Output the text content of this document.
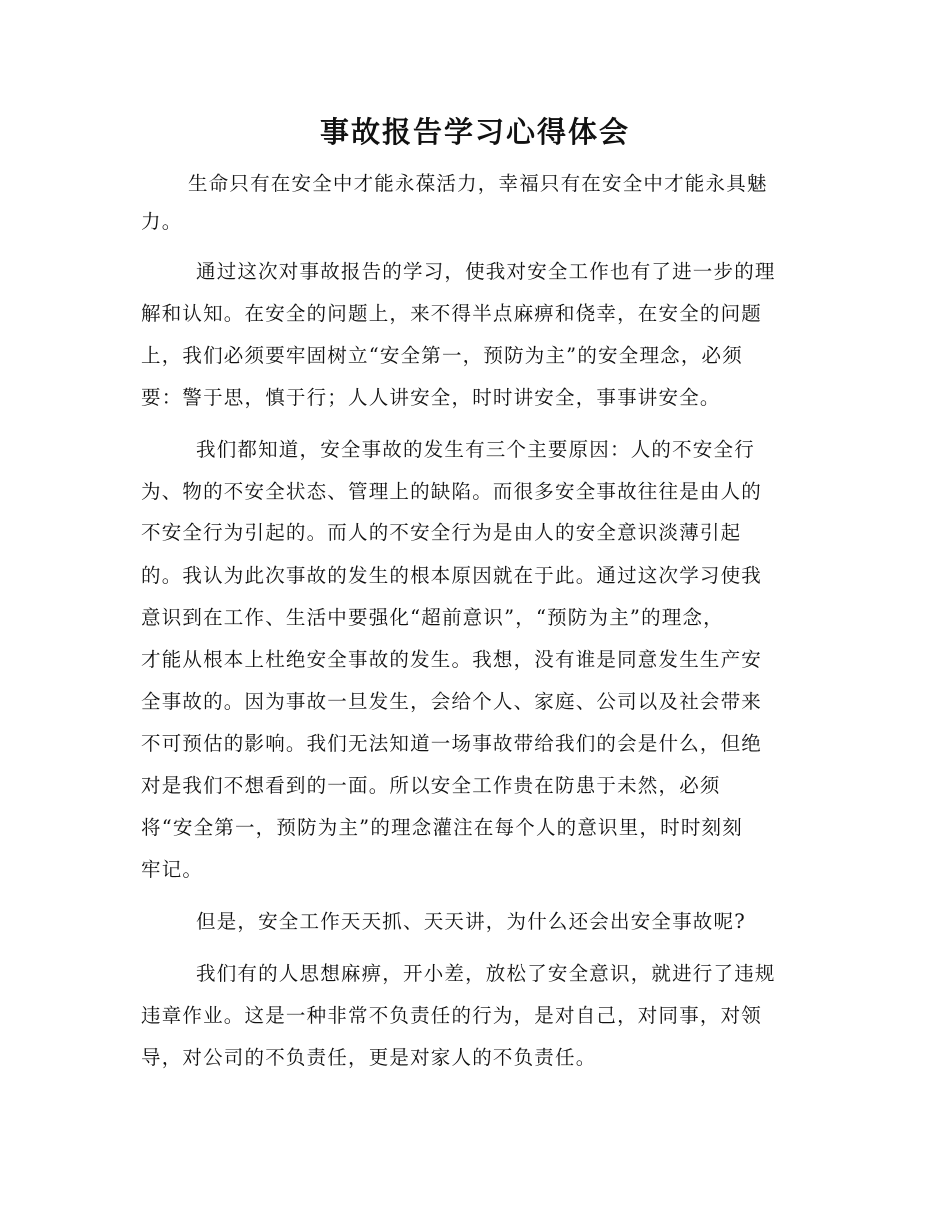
事故报告学习心得体会
生命只有在安全中才能永葆活力，幸福只有在安全中才能永具魅
力。
通过这次对事故报告的学习，使我对安全工作也有了进一步的理
解和认知。在安全的问题上，来不得半点麻痹和侥幸，在安全的问题
上，我们必须要牢固树立“安全第一，预防为主”的安全理念，必须
要：警于思，慎于行；人人讲安全，时时讲安全，事事讲安全。
我们都知道，安全事故的发生有三个主要原因：人的不安全行
为、物的不安全状态、管理上的缺陷。而很多安全事故往往是由人的
不安全行为引起的。而人的不安全行为是由人的安全意识淡薄引起
的。我认为此次事故的发生的根本原因就在于此。通过这次学习使我
意识到在工作、生活中要强化“超前意识”，“预防为主”的理念，
才能从根本上杜绝安全事故的发生。我想，没有谁是同意发生生产安
全事故的。因为事故一旦发生，会给个人、家庭、公司以及社会带来
不可预估的影响。我们无法知道一场事故带给我们的会是什么，但绝
对是我们不想看到的一面。所以安全工作贵在防患于未然，必须
将“安全第一，预防为主”的理念灌注在每个人的意识里，时时刻刻
牢记。
但是，安全工作天天抓、天天讲，为什么还会出安全事故呢?
我们有的人思想麻痹，开小差，放松了安全意识，就进行了违规
违章作业。这是一种非常不负责任的行为，是对自己，对同事，对领
导，对公司的不负责任，更是对家人的不负责任。
